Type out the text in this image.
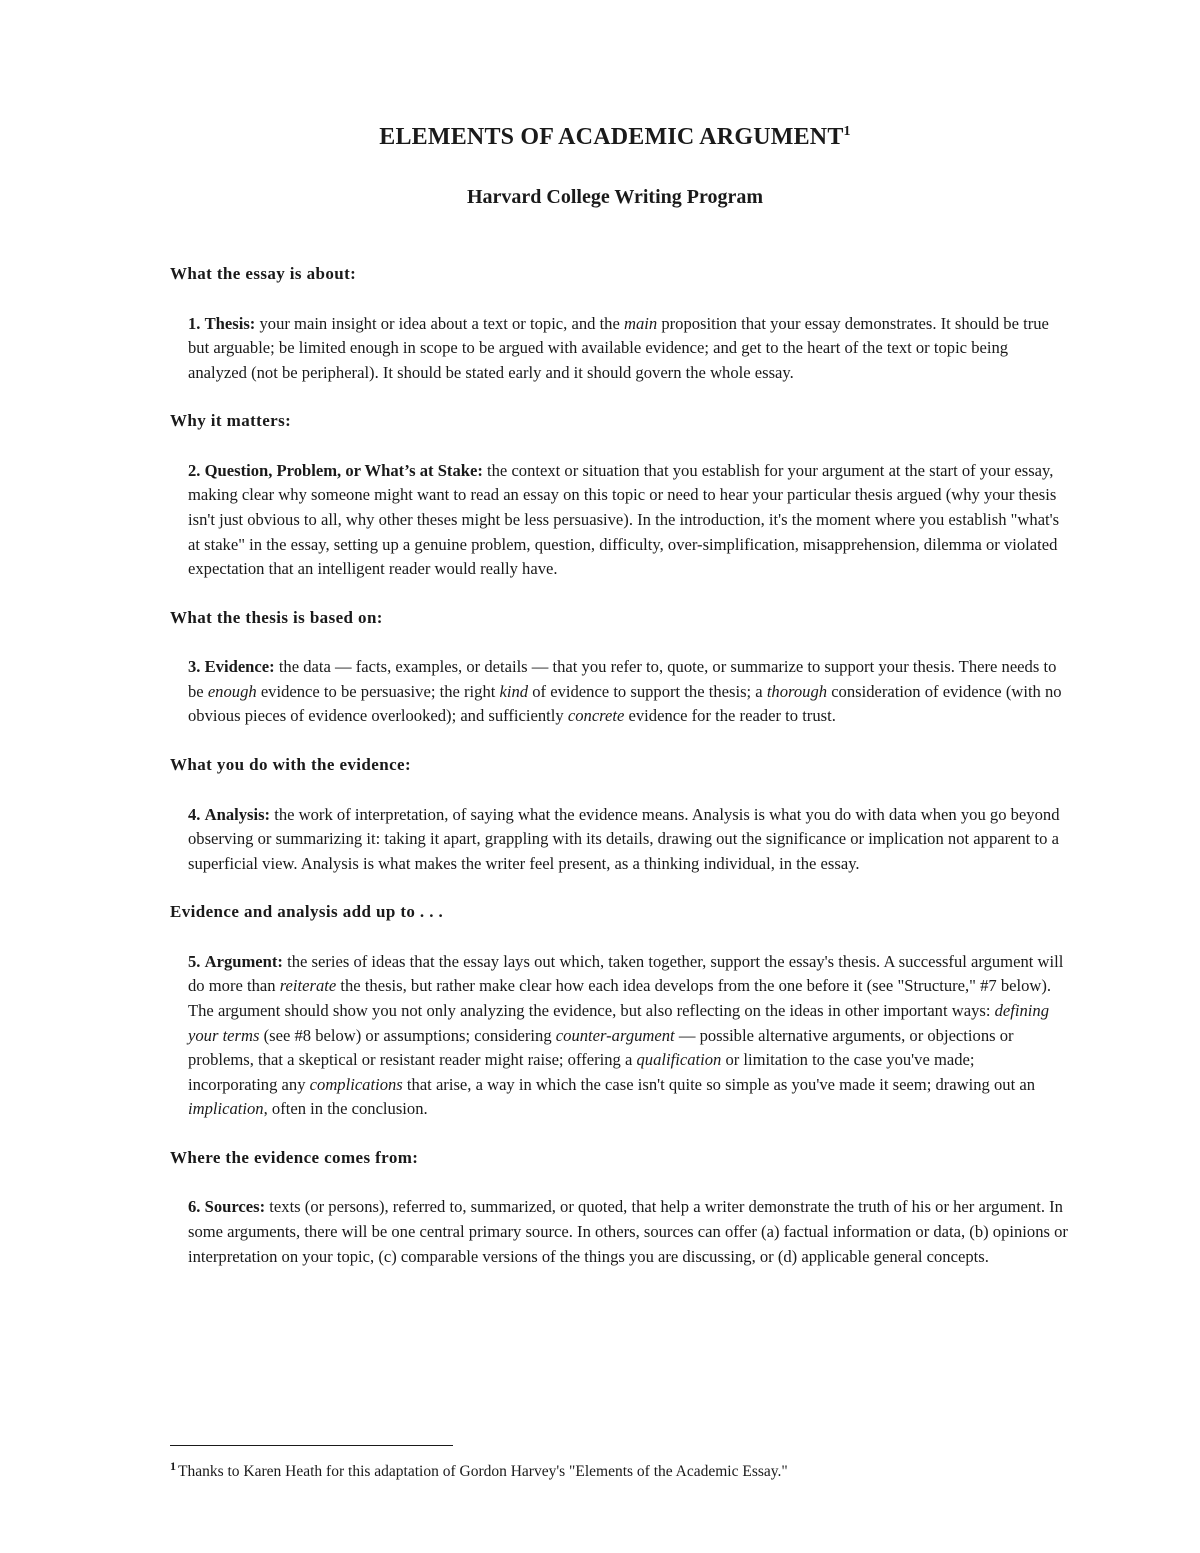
ELEMENTS OF ACADEMIC ARGUMENT$^1$
Harvard College Writing Program

What the essay is about:

1. Thesis: your main insight or idea about a text or topic, and the main proposition that your essay demonstrates. It should be true but arguable; be limited enough in scope to be argued with available evidence; and get to the heart of the text or topic being analyzed (not be peripheral). It should be stated early and it should govern the whole essay.

Why it matters:

2. Question, Problem, or What’s at Stake: the context or situation that you establish for your argument at the start of your essay, making clear why someone might want to read an essay on this topic or need to hear your particular thesis argued (why your thesis isn't just obvious to all, why other theses might be less persuasive). In the introduction, it's the moment where you establish "what's at stake" in the essay, setting up a genuine problem, question, difficulty, over-simplification, misapprehension, dilemma or violated expectation that an intelligent reader would really have.

What the thesis is based on:

3. Evidence: the data — facts, examples, or details — that you refer to, quote, or summarize to support your thesis. There needs to be enough evidence to be persuasive; the right kind of evidence to support the thesis; a thorough consideration of evidence (with no obvious pieces of evidence overlooked); and sufficiently concrete evidence for the reader to trust.

What you do with the evidence:

4. Analysis: the work of interpretation, of saying what the evidence means. Analysis is what you do with data when you go beyond observing or summarizing it: taking it apart, grappling with its details, drawing out the significance or implication not apparent to a superficial view. Analysis is what makes the writer feel present, as a thinking individual, in the essay.

Evidence and analysis add up to . . .

5. Argument: the series of ideas that the essay lays out which, taken together, support the essay's thesis. A successful argument will do more than reiterate the thesis, but rather make clear how each idea develops from the one before it (see "Structure," #7 below). The argument should show you not only analyzing the evidence, but also reflecting on the ideas in other important ways: defining your terms (see #8 below) or assumptions; considering counter-argument — possible alternative arguments, or objections or problems, that a skeptical or resistant reader might raise; offering a qualification or limitation to the case you've made; incorporating any complications that arise, a way in which the case isn't quite so simple as you've made it seem; drawing out an implication, often in the conclusion.

Where the evidence comes from:

6. Sources: texts (or persons), referred to, summarized, or quoted, that help a writer demonstrate the truth of his or her argument. In some arguments, there will be one central primary source. In others, sources can offer (a) factual information or data, (b) opinions or interpretation on your topic, (c) comparable versions of the things you are discussing, or (d) applicable general concepts.

$^1$ Thanks to Karen Heath for this adaptation of Gordon Harvey's "Elements of the Academic Essay."
